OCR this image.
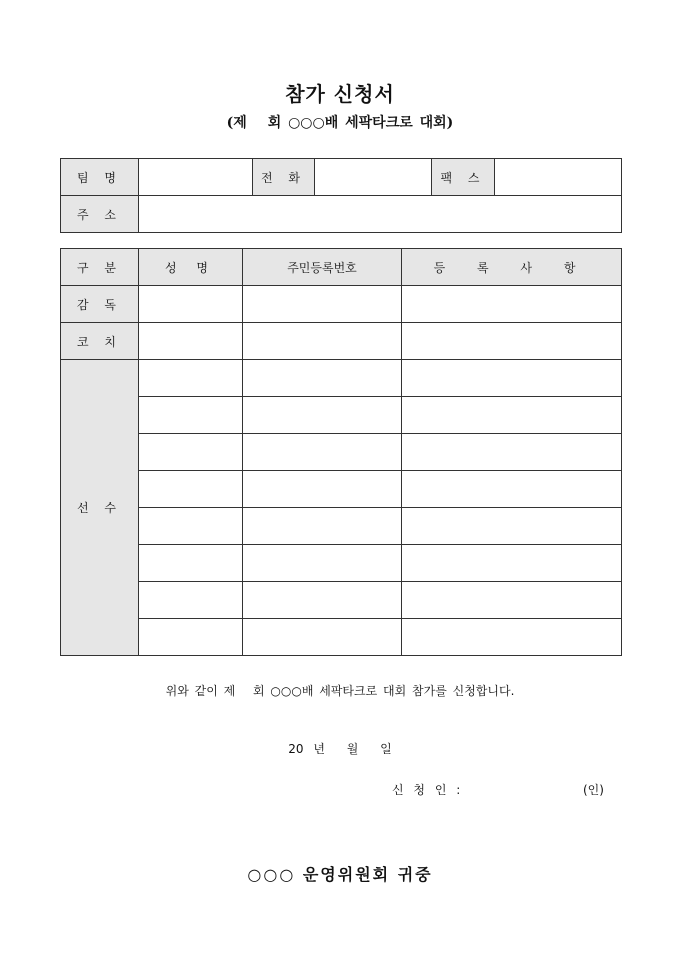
참가 신청서
(제　 회 ○○○배 세팍타크로 대회)
팀 명		전 화		팩 스	
주 소					
구 분	성 명	주민등록번호	등 록 사 항
감 독			
코 치			
선 수			

위와 같이 제　 회 ○○○배 세팍타크로 대회 참가를 신청합니다.
20 년　 월　 일
신 청 인 :	(인)
○○○ 운영위원회 귀중
